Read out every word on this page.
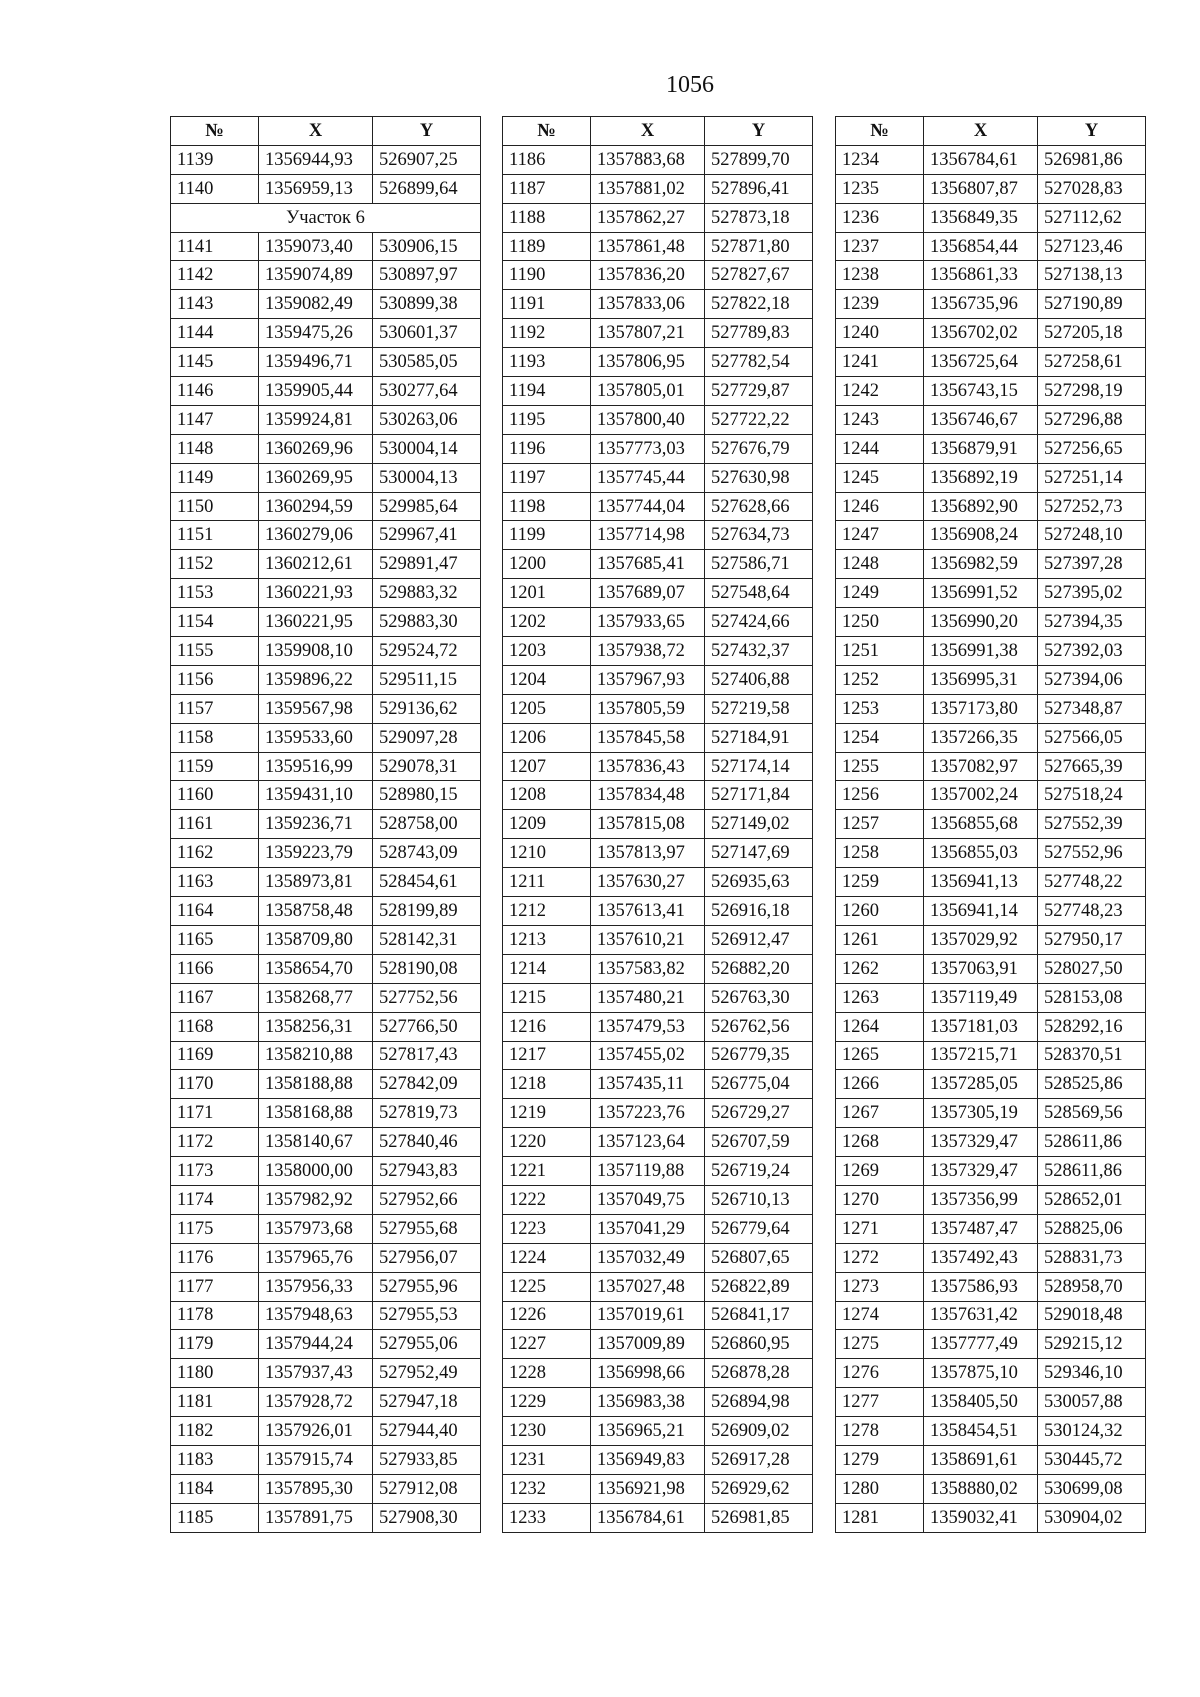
1056
№	X	Y
1139	1356944,93	526907,25
1140	1356959,13	526899,64
Участок 6		
1141	1359073,40	530906,15
1142	1359074,89	530897,97
1143	1359082,49	530899,38
1144	1359475,26	530601,37
1145	1359496,71	530585,05
1146	1359905,44	530277,64
1147	1359924,81	530263,06
1148	1360269,96	530004,14
1149	1360269,95	530004,13
1150	1360294,59	529985,64
1151	1360279,06	529967,41
1152	1360212,61	529891,47
1153	1360221,93	529883,32
1154	1360221,95	529883,30
1155	1359908,10	529524,72
1156	1359896,22	529511,15
1157	1359567,98	529136,62
1158	1359533,60	529097,28
1159	1359516,99	529078,31
1160	1359431,10	528980,15
1161	1359236,71	528758,00
1162	1359223,79	528743,09
1163	1358973,81	528454,61
1164	1358758,48	528199,89
1165	1358709,80	528142,31
1166	1358654,70	528190,08
1167	1358268,77	527752,56
1168	1358256,31	527766,50
1169	1358210,88	527817,43
1170	1358188,88	527842,09
1171	1358168,88	527819,73
1172	1358140,67	527840,46
1173	1358000,00	527943,83
1174	1357982,92	527952,66
1175	1357973,68	527955,68
1176	1357965,76	527956,07
1177	1357956,33	527955,96
1178	1357948,63	527955,53
1179	1357944,24	527955,06
1180	1357937,43	527952,49
1181	1357928,72	527947,18
1182	1357926,01	527944,40
1183	1357915,74	527933,85
1184	1357895,30	527912,08
1185	1357891,75	527908,30
№	X	Y
1186	1357883,68	527899,70
1187	1357881,02	527896,41
1188	1357862,27	527873,18
1189	1357861,48	527871,80
1190	1357836,20	527827,67
1191	1357833,06	527822,18
1192	1357807,21	527789,83
1193	1357806,95	527782,54
1194	1357805,01	527729,87
1195	1357800,40	527722,22
1196	1357773,03	527676,79
1197	1357745,44	527630,98
1198	1357744,04	527628,66
1199	1357714,98	527634,73
1200	1357685,41	527586,71
1201	1357689,07	527548,64
1202	1357933,65	527424,66
1203	1357938,72	527432,37
1204	1357967,93	527406,88
1205	1357805,59	527219,58
1206	1357845,58	527184,91
1207	1357836,43	527174,14
1208	1357834,48	527171,84
1209	1357815,08	527149,02
1210	1357813,97	527147,69
1211	1357630,27	526935,63
1212	1357613,41	526916,18
1213	1357610,21	526912,47
1214	1357583,82	526882,20
1215	1357480,21	526763,30
1216	1357479,53	526762,56
1217	1357455,02	526779,35
1218	1357435,11	526775,04
1219	1357223,76	526729,27
1220	1357123,64	526707,59
1221	1357119,88	526719,24
1222	1357049,75	526710,13
1223	1357041,29	526779,64
1224	1357032,49	526807,65
1225	1357027,48	526822,89
1226	1357019,61	526841,17
1227	1357009,89	526860,95
1228	1356998,66	526878,28
1229	1356983,38	526894,98
1230	1356965,21	526909,02
1231	1356949,83	526917,28
1232	1356921,98	526929,62
1233	1356784,61	526981,85
№	X	Y
1234	1356784,61	526981,86
1235	1356807,87	527028,83
1236	1356849,35	527112,62
1237	1356854,44	527123,46
1238	1356861,33	527138,13
1239	1356735,96	527190,89
1240	1356702,02	527205,18
1241	1356725,64	527258,61
1242	1356743,15	527298,19
1243	1356746,67	527296,88
1244	1356879,91	527256,65
1245	1356892,19	527251,14
1246	1356892,90	527252,73
1247	1356908,24	527248,10
1248	1356982,59	527397,28
1249	1356991,52	527395,02
1250	1356990,20	527394,35
1251	1356991,38	527392,03
1252	1356995,31	527394,06
1253	1357173,80	527348,87
1254	1357266,35	527566,05
1255	1357082,97	527665,39
1256	1357002,24	527518,24
1257	1356855,68	527552,39
1258	1356855,03	527552,96
1259	1356941,13	527748,22
1260	1356941,14	527748,23
1261	1357029,92	527950,17
1262	1357063,91	528027,50
1263	1357119,49	528153,08
1264	1357181,03	528292,16
1265	1357215,71	528370,51
1266	1357285,05	528525,86
1267	1357305,19	528569,56
1268	1357329,47	528611,86
1269	1357329,47	528611,86
1270	1357356,99	528652,01
1271	1357487,47	528825,06
1272	1357492,43	528831,73
1273	1357586,93	528958,70
1274	1357631,42	529018,48
1275	1357777,49	529215,12
1276	1357875,10	529346,10
1277	1358405,50	530057,88
1278	1358454,51	530124,32
1279	1358691,61	530445,72
1280	1358880,02	530699,08
1281	1359032,41	530904,02
